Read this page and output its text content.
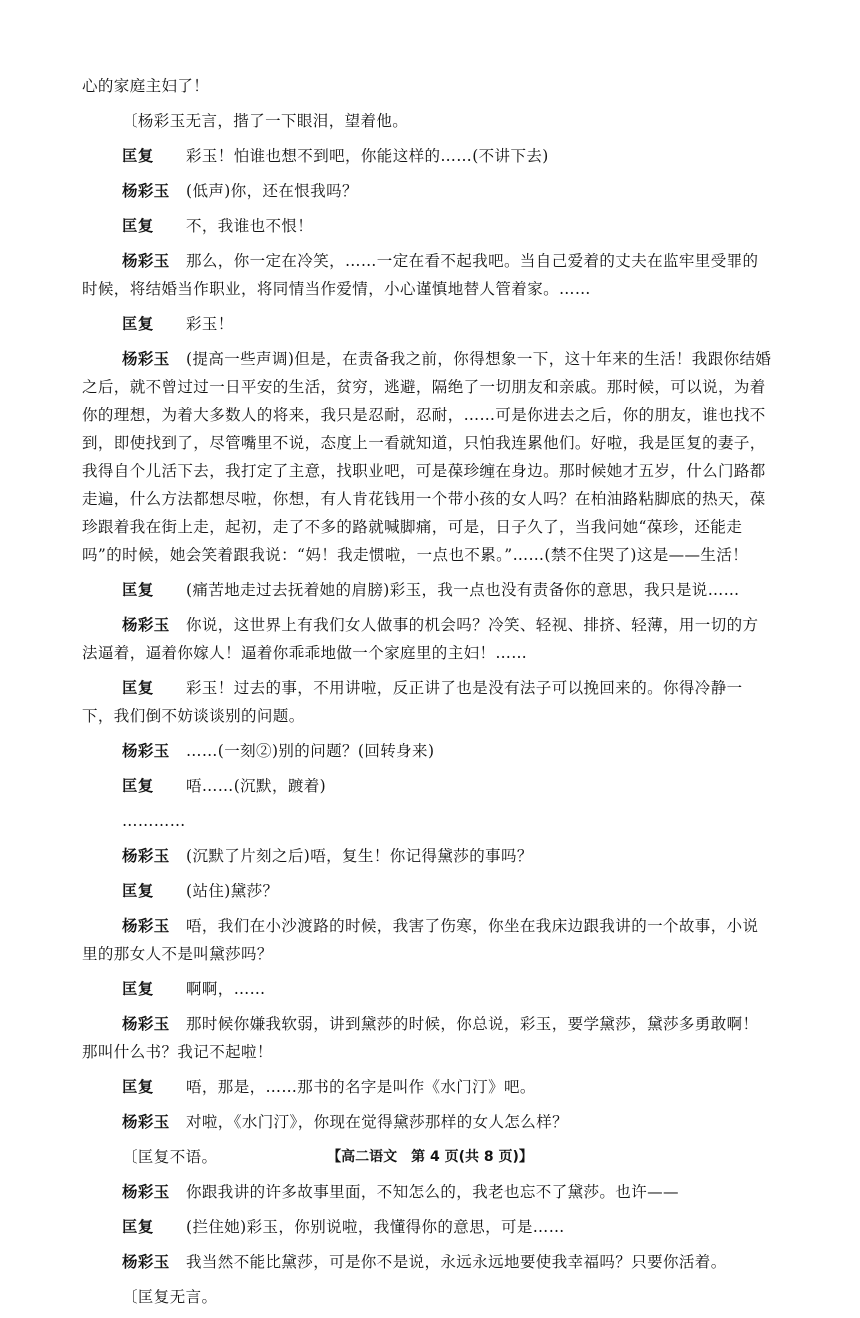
心的家庭主妇了！
〔杨彩玉无言，揩了一下眼泪，望着他。
匡复	彩玉！怕谁也想不到吧，你能这样的……(不讲下去)
杨彩玉	(低声)你，还在恨我吗？
匡复	不，我谁也不恨！
杨彩玉 那么，你一定在冷笑，……一定在看不起我吧。当自己爱着的丈夫在监牢里受罪的时候，将结婚当作职业，将同情当作爱情，小心谨慎地替人管着家。……
匡复	彩玉！
杨彩玉 (提高一些声调)但是，在责备我之前，你得想象一下，这十年来的生活！我跟你结婚之后，就不曾过过一日平安的生活，贫穷，逃避，隔绝了一切朋友和亲戚。那时候，可以说，为着你的理想，为着大多数人的将来，我只是忍耐，忍耐，……可是你进去之后，你的朋友，谁也找不到，即使找到了，尽管嘴里不说，态度上一看就知道，只怕我连累他们。好啦，我是匡复的妻子，我得自个儿活下去，我打定了主意，找职业吧，可是葆珍缠在身边。那时候她才五岁，什么门路都走遍，什么方法都想尽啦，你想，有人肯花钱用一个带小孩的女人吗？在柏油路粘脚底的热天，葆珍跟着我在街上走，起初，走了不多的路就喊脚痛，可是，日子久了，当我问她“葆珍，还能走吗”的时候，她会笑着跟我说：“妈！我走惯啦，一点也不累。”……(禁不住哭了)这是——生活！
匡复 (痛苦地走过去抚着她的肩膀)彩玉，我一点也没有责备你的意思，我只是说……
杨彩玉 你说，这世界上有我们女人做事的机会吗？冷笑、轻视、排挤、轻薄，用一切的方法逼着，逼着你嫁人！逼着你乖乖地做一个家庭里的主妇！……
匡复 彩玉！过去的事，不用讲啦，反正讲了也是没有法子可以挽回来的。你得冷静一下，我们倒不妨谈谈别的问题。
杨彩玉	……(一刻②)别的问题？(回转身来)
匡复	唔……(沉默，踱着)
…………
杨彩玉	(沉默了片刻之后)唔，复生！你记得黛莎的事吗？
匡复	(站住)黛莎？
杨彩玉 唔，我们在小沙渡路的时候，我害了伤寒，你坐在我床边跟我讲的一个故事，小说里的那女人不是叫黛莎吗？
匡复	啊啊，……
杨彩玉 那时候你嫌我软弱，讲到黛莎的时候，你总说，彩玉，要学黛莎，黛莎多勇敢啊！那叫什么书？我记不起啦！
匡复	唔，那是，……那书的名字是叫作《水门汀》吧。
杨彩玉	对啦，《水门汀》，你现在觉得黛莎那样的女人怎么样？
〔匡复不语。
杨彩玉	你跟我讲的许多故事里面，不知怎么的，我老也忘不了黛莎。也许——
匡复	(拦住她)彩玉，你别说啦，我懂得你的意思，可是……
杨彩玉	我当然不能比黛莎，可是你不是说，永远永远地要使我幸福吗？只要你活着。
〔匡复无言。
【高二语文　第 4 页(共 8 页)】
